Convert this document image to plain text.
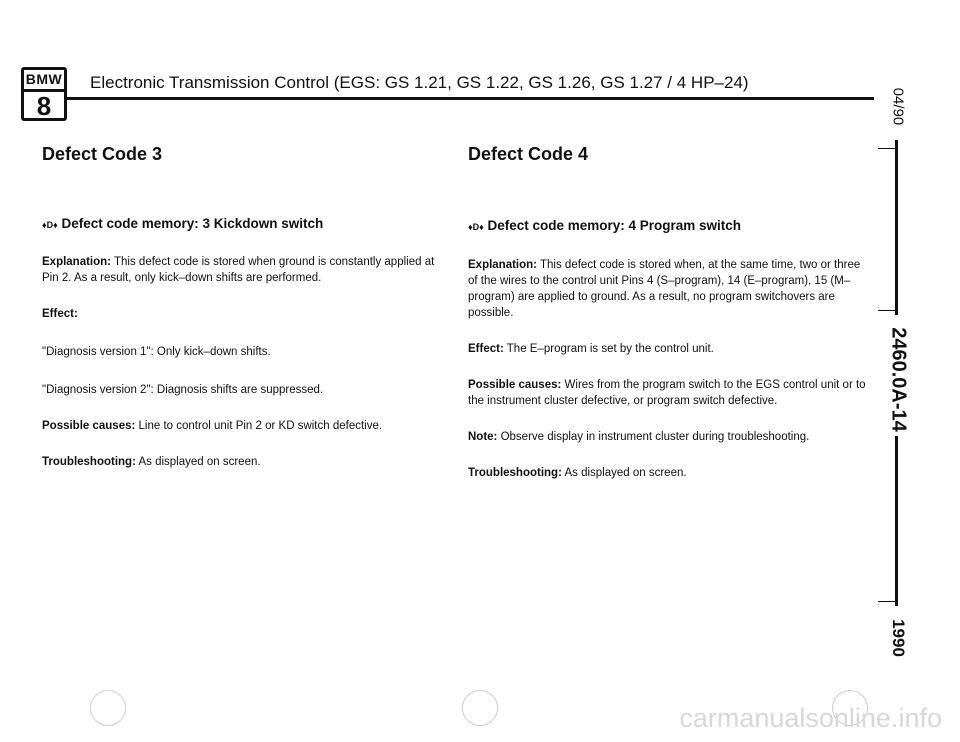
BMW
8
Electronic Transmission Control (EGS: GS 1.21, GS 1.22, GS 1.26, GS 1.27 / 4 HP–24)
Defect Code 3
♦D♦ Defect code memory: 3 Kickdown switch

Explanation: This defect code is stored when ground is constantly applied at Pin 2. As a result, only kick–down shifts are performed.

Effect:

"Diagnosis version 1": Only kick–down shifts.

"Diagnosis version 2": Diagnosis shifts are suppressed.

Possible causes: Line to control unit Pin 2 or KD switch defective.

Troubleshooting: As displayed on screen.

Defect Code 4
♦D♦ Defect code memory: 4 Program switch

Explanation: This defect code is stored when, at the same time, two or three of the wires to the control unit Pins 4 (S–program), 14 (E–program), 15 (M–program) are applied to ground. As a result, no program switchovers are possible.

Effect: The E–program is set by the control unit.

Possible causes: Wires from the program switch to the EGS control unit or to the instrument cluster defective, or program switch defective.

Note: Observe display in instrument cluster during troubleshooting.

Troubleshooting: As displayed on screen.

04/90
2460.0A-14
1990
carmanualsonline.info
